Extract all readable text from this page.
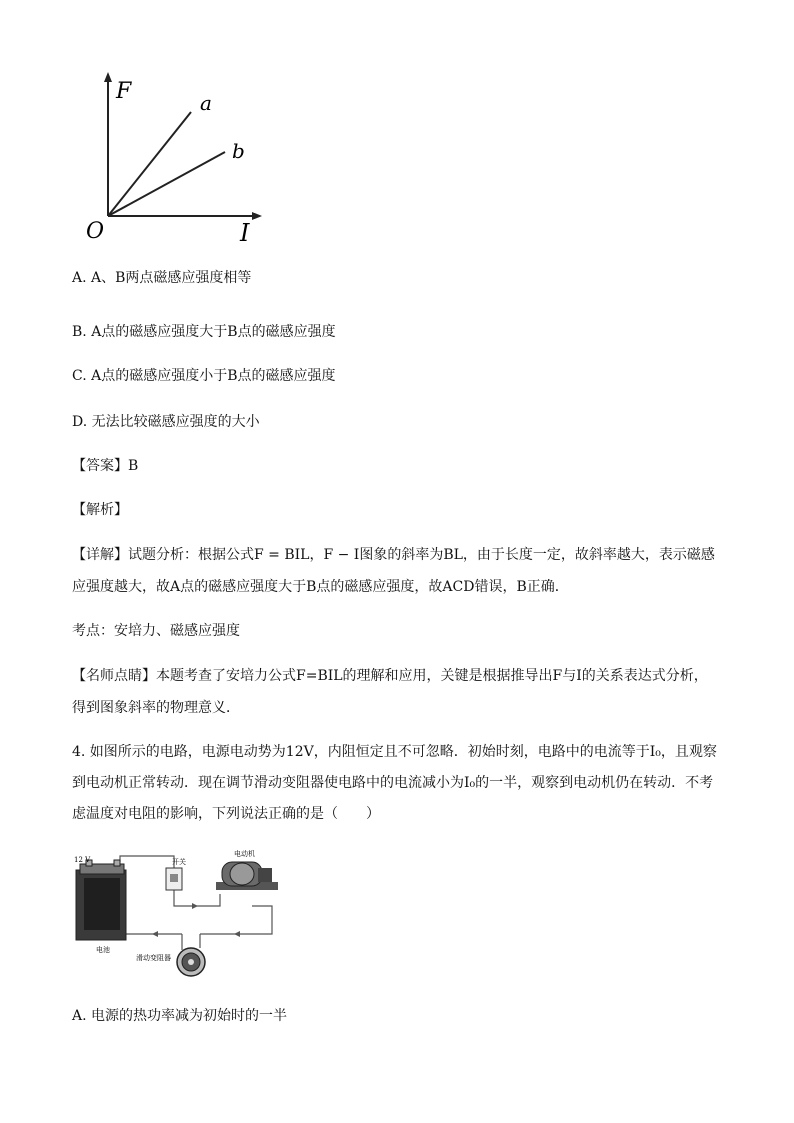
F	a
b
O	I
A. A、B两点磁感应强度相等
B. A点的磁感应强度大于B点的磁感应强度
C. A点的磁感应强度小于B点的磁感应强度
D. 无法比较磁感应强度的大小
【答案】B
【解析】
【详解】试题分析：根据公式F = BIL，F − I图象的斜率为BL，由于长度一定，故斜率越大，表示磁感
应强度越大，故A点的磁感应强度大于B点的磁感应强度，故ACD错误，B正确．
考点：安培力、磁感应强度
【名师点睛】本题考查了安培力公式F=BIL的理解和应用，关键是根据推导出F与I的关系表达式分析，
得到图象斜率的物理意义．
4. 如图所示的电路，电源电动势为12V，内阻恒定且不可忽略．初始时刻，电路中的电流等于I₀，且观察
到电动机正常转动．现在调节滑动变阻器使电路中的电流减小为I₀的一半，观察到电动机仍在转动．不考
虑温度对电阻的影响，下列说法正确的是（　　）
12 V
电池
开关
电动机
滑动变阻器
A. 电源的热功率减为初始时的一半
